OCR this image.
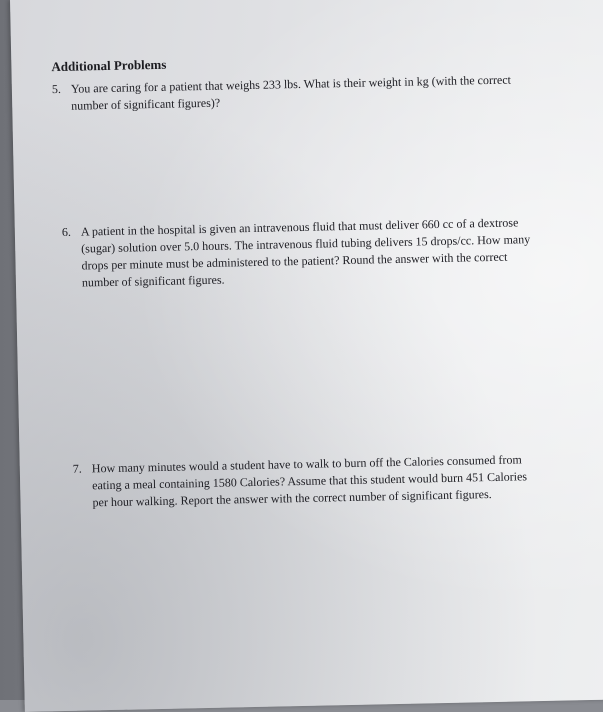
Additional Problems
5. You are caring for a patient that weighs 233 lbs. What is their weight in kg (with the correct
number of significant figures)?
6. A patient in the hospital is given an intravenous fluid that must deliver 660 cc of a dextrose
(sugar) solution over 5.0 hours. The intravenous fluid tubing delivers 15 drops/cc. How many
drops per minute must be administered to the patient? Round the answer with the correct
number of significant figures.
7. How many minutes would a student have to walk to burn off the Calories consumed from
eating a meal containing 1580 Calories? Assume that this student would burn 451 Calories
per hour walking. Report the answer with the correct number of significant figures.
